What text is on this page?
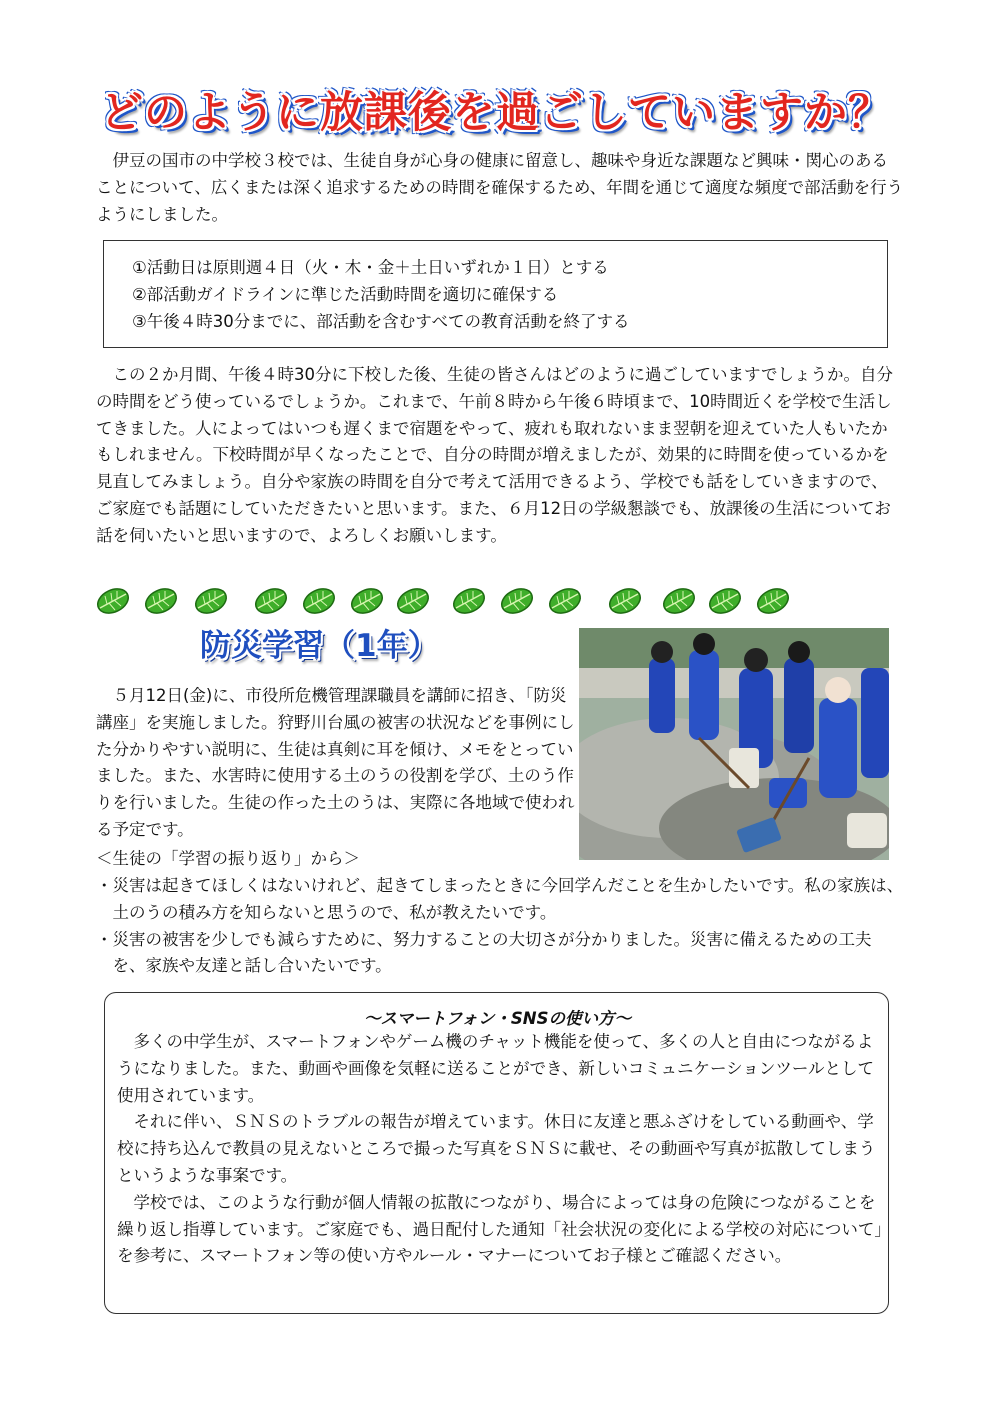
どのように放課後を過ごしていますか？

伊豆の国市の中学校３校では、生徒自身が心身の健康に留意し、趣味や身近な課題など興味・関心のあることについて、広くまたは深く追求するための時間を確保するため、年間を通じて適度な頻度で部活動を行うようにしました。

①活動日は原則週４日（火・木・金＋土日いずれか１日）とする
②部活動ガイドラインに準じた活動時間を適切に確保する
③午後４時30分までに、部活動を含むすべての教育活動を終了する

この２か月間、午後４時30分に下校した後、生徒の皆さんはどのように過ごしていますでしょうか。自分の時間をどう使っているでしょうか。これまで、午前８時から午後６時頃まで、10時間近くを学校で生活してきました。人によってはいつも遅くまで宿題をやって、疲れも取れないまま翌朝を迎えていた人もいたかもしれません。下校時間が早くなったことで、自分の時間が増えましたが、効果的に時間を使っているかを見直してみましょう。自分や家族の時間を自分で考えて活用できるよう、学校でも話をしていきますので、ご家庭でも話題にしていただきたいと思います。また、６月12日の学級懇談でも、放課後の生活についてお話を伺いたいと思いますので、よろしくお願いします。

防災学習（1年）

５月12日(金)に、市役所危機管理課職員を講師に招き、「防災講座」を実施しました。狩野川台風の被害の状況などを事例にした分かりやすい説明に、生徒は真剣に耳を傾け、メモをとっていました。また、水害時に使用する土のうの役割を学び、土のう作りを行いました。生徒の作った土のうは、実際に各地域で使われる予定です。

＜生徒の「学習の振り返り」から＞

・災害は起きてほしくはないけれど、起きてしまったときに今回学んだことを生かしたいです。私の家族は、土のうの積み方を知らないと思うので、私が教えたいです。

・災害の被害を少しでも減らすために、努力することの大切さが分かりました。災害に備えるための工夫を、家族や友達と話し合いたいです。

～スマートフォン・SNSの使い方～

多くの中学生が、スマートフォンやゲーム機のチャット機能を使って、多くの人と自由につながるようになりました。また、動画や画像を気軽に送ることができ、新しいコミュニケーションツールとして使用されています。

それに伴い、ＳＮＳのトラブルの報告が増えています。休日に友達と悪ふざけをしている動画や、学校に持ち込んで教員の見えないところで撮った写真をＳＮＳに載せ、その動画や写真が拡散してしまうというような事案です。

学校では、このような行動が個人情報の拡散につながり、場合によっては身の危険につながることを繰り返し指導しています。ご家庭でも、過日配付した通知「社会状況の変化による学校の対応について」を参考に、スマートフォン等の使い方やルール・マナーについてお子様とご確認ください。
